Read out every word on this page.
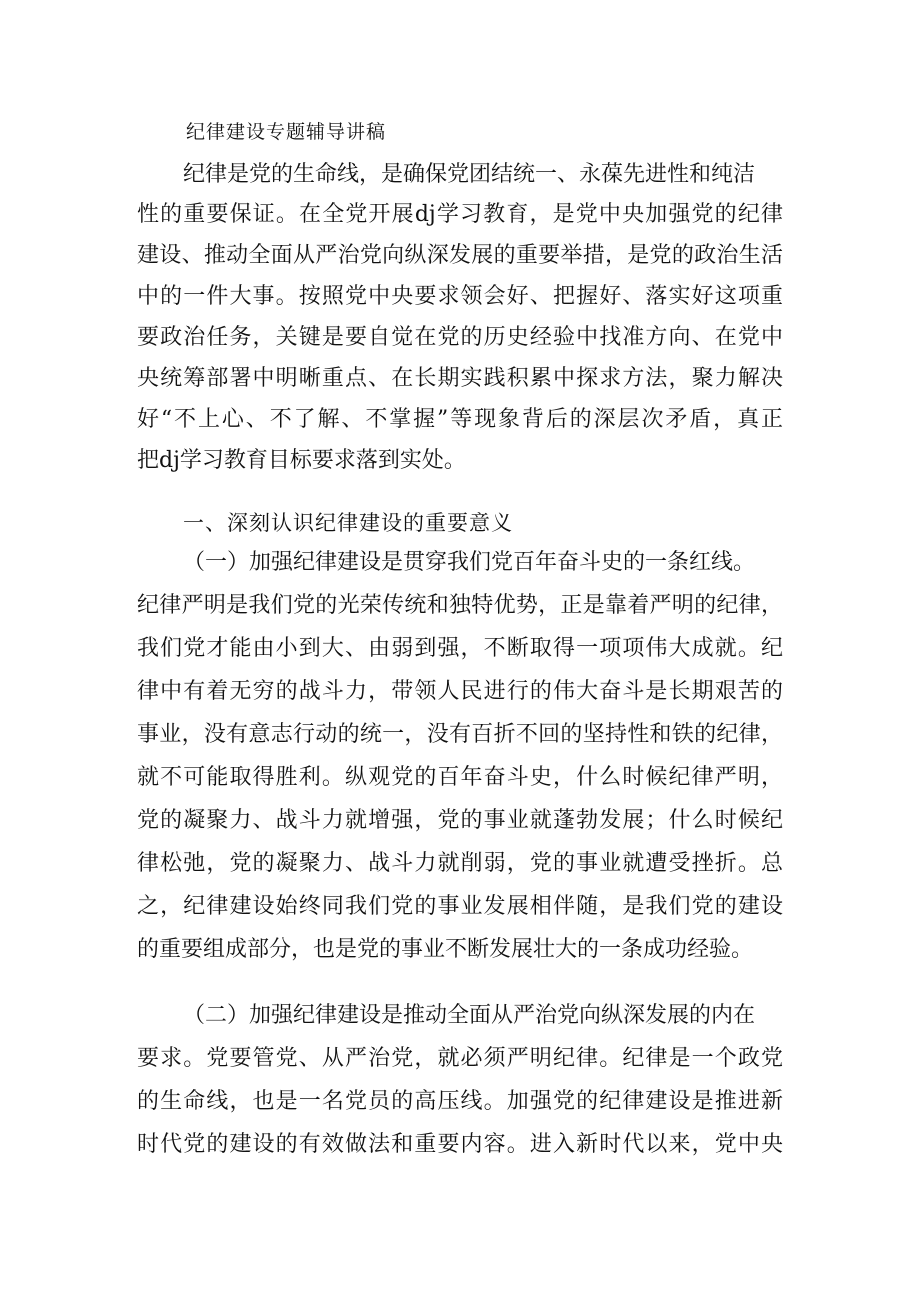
纪律建设专题辅导讲稿
纪律是党的生命线，是确保党团结统一、永葆先进性和纯洁
性的重要保证。在全党开展dj学习教育，是党中央加强党的纪律
建设、推动全面从严治党向纵深发展的重要举措，是党的政治生活
中的一件大事。按照党中央要求领会好、把握好、落实好这项重
要政治任务，关键是要自觉在党的历史经验中找准方向、在党中
央统筹部署中明晰重点、在长期实践积累中探求方法，聚力解决
好“不上心、不了解、不掌握”等现象背后的深层次矛盾，真正
把dj学习教育目标要求落到实处。
一、深刻认识纪律建设的重要意义
（一）加强纪律建设是贯穿我们党百年奋斗史的一条红线。
纪律严明是我们党的光荣传统和独特优势，正是靠着严明的纪律，
我们党才能由小到大、由弱到强，不断取得一项项伟大成就。纪
律中有着无穷的战斗力，带领人民进行的伟大奋斗是长期艰苦的
事业，没有意志行动的统一，没有百折不回的坚持性和铁的纪律，
就不可能取得胜利。纵观党的百年奋斗史，什么时候纪律严明，
党的凝聚力、战斗力就增强，党的事业就蓬勃发展；什么时候纪
律松弛，党的凝聚力、战斗力就削弱，党的事业就遭受挫折。总
之，纪律建设始终同我们党的事业发展相伴随，是我们党的建设
的重要组成部分，也是党的事业不断发展壮大的一条成功经验。
（二）加强纪律建设是推动全面从严治党向纵深发展的内在
要求。党要管党、从严治党，就必须严明纪律。纪律是一个政党
的生命线，也是一名党员的高压线。加强党的纪律建设是推进新
时代党的建设的有效做法和重要内容。进入新时代以来，党中央
